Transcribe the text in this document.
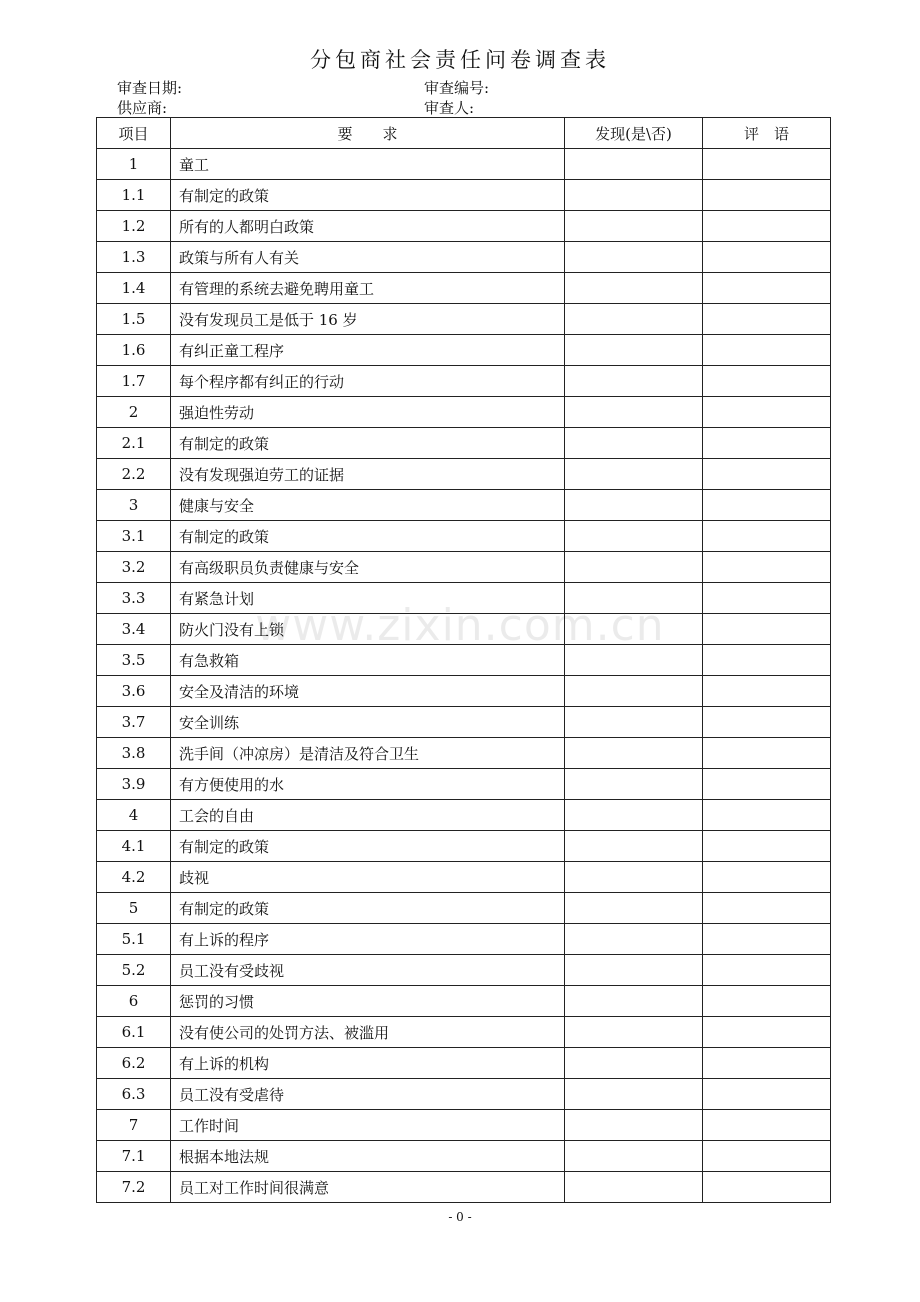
分包商社会责任问卷调查表
审查日期:	审查编号:
供应商:	审查人:
项目	要　　求	发现(是\否)	评　语
1	童工		
1.1	有制定的政策		
1.2	所有的人都明白政策		
1.3	政策与所有人有关		
1.4	有管理的系统去避免聘用童工		
1.5	没有发现员工是低于 16 岁		
1.6	有纠正童工程序		
1.7	每个程序都有纠正的行动		
2	强迫性劳动		
2.1	有制定的政策		
2.2	没有发现强迫劳工的证据		
3	健康与安全		
3.1	有制定的政策		
3.2	有高级职员负责健康与安全		
3.3	有紧急计划		
3.4	防火门没有上锁		
3.5	有急救箱		
3.6	安全及清洁的环境		
3.7	安全训练		
3.8	洗手间（冲凉房）是清洁及符合卫生		
3.9	有方便使用的水		
4	工会的自由		
4.1	有制定的政策		
4.2	歧视		
5	有制定的政策		
5.1	有上诉的程序		
5.2	员工没有受歧视		
6	惩罚的习惯		
6.1	没有使公司的处罚方法、被滥用		
6.2	有上诉的机构		
6.3	员工没有受虐待		
7	工作时间		
7.1	根据本地法规		
7.2	员工对工作时间很满意		
www.zixin.com.cn
- 0 -
